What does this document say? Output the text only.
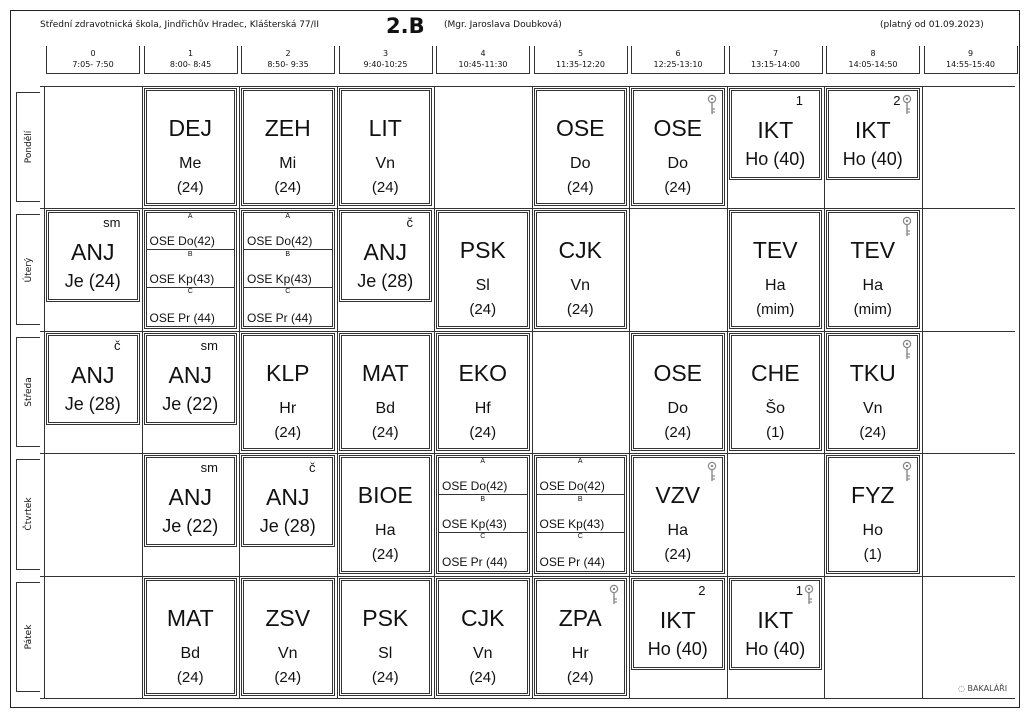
Střední zdravotnická škola, Jindřichův Hradec, Klášterská 77/II	2.B (Mgr. Jaroslava Doubková)	(platný od 01.09.2023)
0
7:05- 7:50
1
8:00- 8:45
2
8:50- 9:35
3
9:40-10:25
4
10:45-11:30
5
11:35-12:20
6
12:25-13:10
7
13:15-14:00
8
14:05-14:50
9
14:55-15:40
Pondělí
Úterý
Středa
Čtvrtek
Pátek
DEJ
Me
(24)
ZEH
Mi
(24)
LIT
Vn
(24)
OSE
Do
(24)
OSE
Do
(24)
PSK
Sl
(24)
CJK
Vn
(24)
TEV
Ha
(mim)
TEV
Ha
(mim)
KLP
Hr
(24)
MAT
Bd
(24)
EKO
Hf
(24)
OSE
Do
(24)
CHE
Šo
(1)
TKU
Vn
(24)
BIOE
Ha
(24)
VZV
Ha
(24)
FYZ
Ho
(1)
MAT
Bd
(24)
ZSV
Vn
(24)
PSK
Sl
(24)
CJK
Vn
(24)
ZPA
Hr
(24)
IKT
Ho (40)
1
IKT
Ho (40)
2
ANJ
Je (24)
sm
ANJ
Je (28)
č
ANJ
Je (28)
č
ANJ
Je (22)
sm
ANJ
Je (22)
sm
ANJ
Je (28)
č
IKT
Ho (40)
2
IKT
Ho (40)
1
A
OSE Do(42)
B
OSE Kp(43)
C
OSE Pr (44)
A
OSE Do(42)
B
OSE Kp(43)
C
OSE Pr (44)
A
OSE Do(42)
B
OSE Kp(43)
C
OSE Pr (44)
A
OSE Do(42)
B
OSE Kp(43)
C
OSE Pr (44)
◌ BAKALÁŘI
